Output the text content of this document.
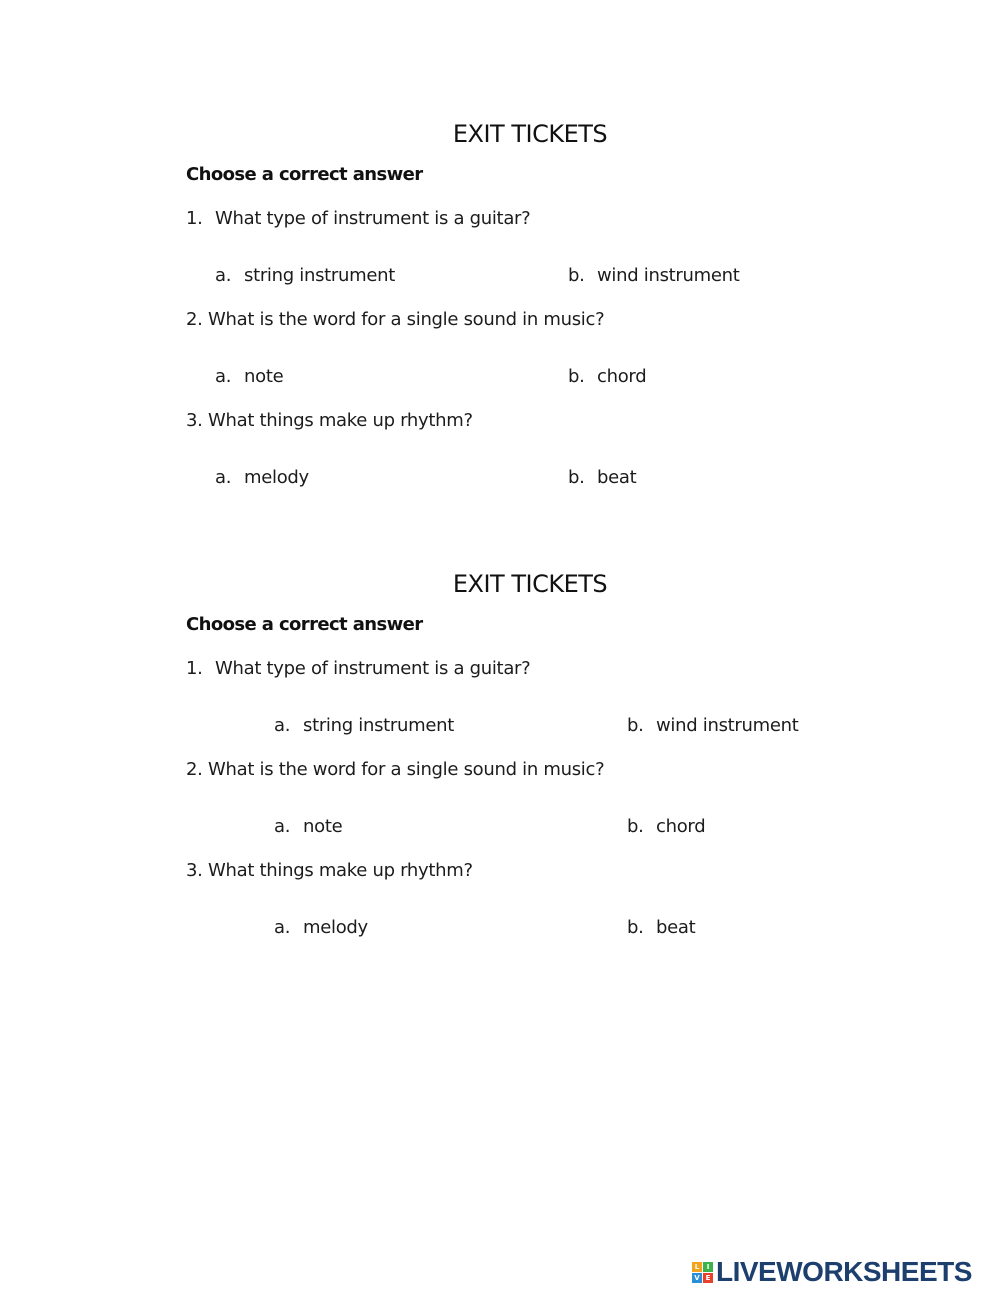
EXIT TICKETS
Choose a correct answer
1. What type of instrument is a guitar?
a. string instrument	b. wind instrument
2. What is the word for a single sound in music?
a. note	b. chord
3. What things make up rhythm?
a. melody	b. beat
EXIT TICKETS
Choose a correct answer
1. What type of instrument is a guitar?
a. string instrument	b. wind instrument
2. What is the word for a single sound in music?
a. note	b. chord
3. What things make up rhythm?
a. melody	b. beat
L	I
V E LIVEWORKSHEETS
